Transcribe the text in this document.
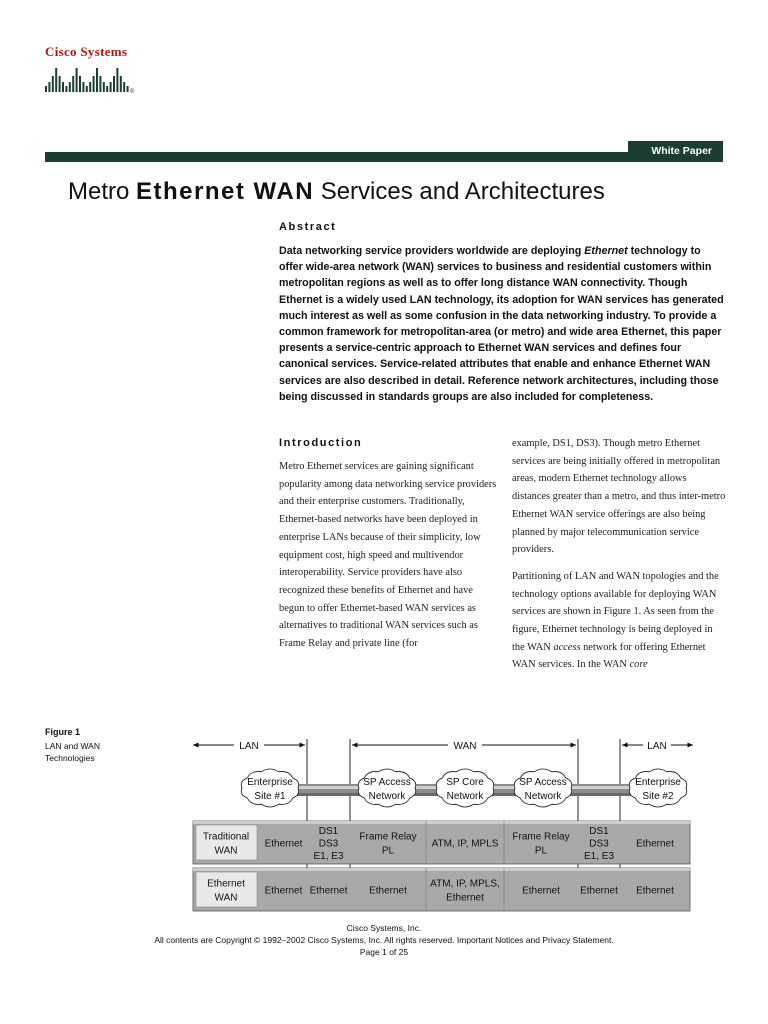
Cisco Systems
®
White Paper
Metro Ethernet WAN Services and Architectures
Abstract
Data networking service providers worldwide are deploying Ethernet technology to offer wide-area network (WAN) services to business and residential customers within metropolitan regions as well as to offer long distance WAN connectivity. Though Ethernet is a widely used LAN technology, its adoption for WAN services has generated much interest as well as some confusion in the data networking industry. To provide a common framework for metropolitan-area (or metro) and wide area Ethernet, this paper presents a service-centric approach to Ethernet WAN services and defines four canonical services. Service-related attributes that enable and enhance Ethernet WAN services are also described in detail. Reference network architectures, including those being discussed in standards groups are also included for completeness.
Introduction

Metro Ethernet services are gaining significant popularity among data networking service providers and their enterprise customers. Traditionally, Ethernet-based networks have been deployed in enterprise LANs because of their simplicity, low equipment cost, high speed and multivendor interoperability. Service providers have also recognized these benefits of Ethernet and have begun to offer Ethernet-based WAN services as alternatives to traditional WAN services such as Frame Relay and private line (for

example, DS1, DS3). Though metro Ethernet services are being initially offered in metropolitan areas, modern Ethernet technology allows distances greater than a metro, and thus inter-metro Ethernet WAN service offerings are also being planned by major telecommunication service providers.

Partitioning of LAN and WAN topologies and the technology options available for deploying WAN services are shown in Figure 1. As seen from the figure, Ethernet technology is being deployed in the WAN access network for offering Ethernet WAN services. In the WAN core

Figure 1
LAN and WAN Technologies
LAN	WAN	LAN
Enterprise
Site #1
SP Access
Network
SP Core
Network
SP Access
Network
Enterprise
Site #2
Traditional
WAN
Ethernet
DS1
DS3
E1, E3
Frame Relay
PL
ATM, IP, MPLS
Frame Relay
PL
DS1
DS3
E1, E3
Ethernet
Ethernet
WAN
Ethernet Ethernet Ethernet
ATM, IP, MPLS,
Ethernet
Ethernet Ethernet Ethernet
Cisco Systems, Inc.
All contents are Copyright © 1992–2002 Cisco Systems, Inc. All rights reserved. Important Notices and Privacy Statement.
Page 1 of 25
